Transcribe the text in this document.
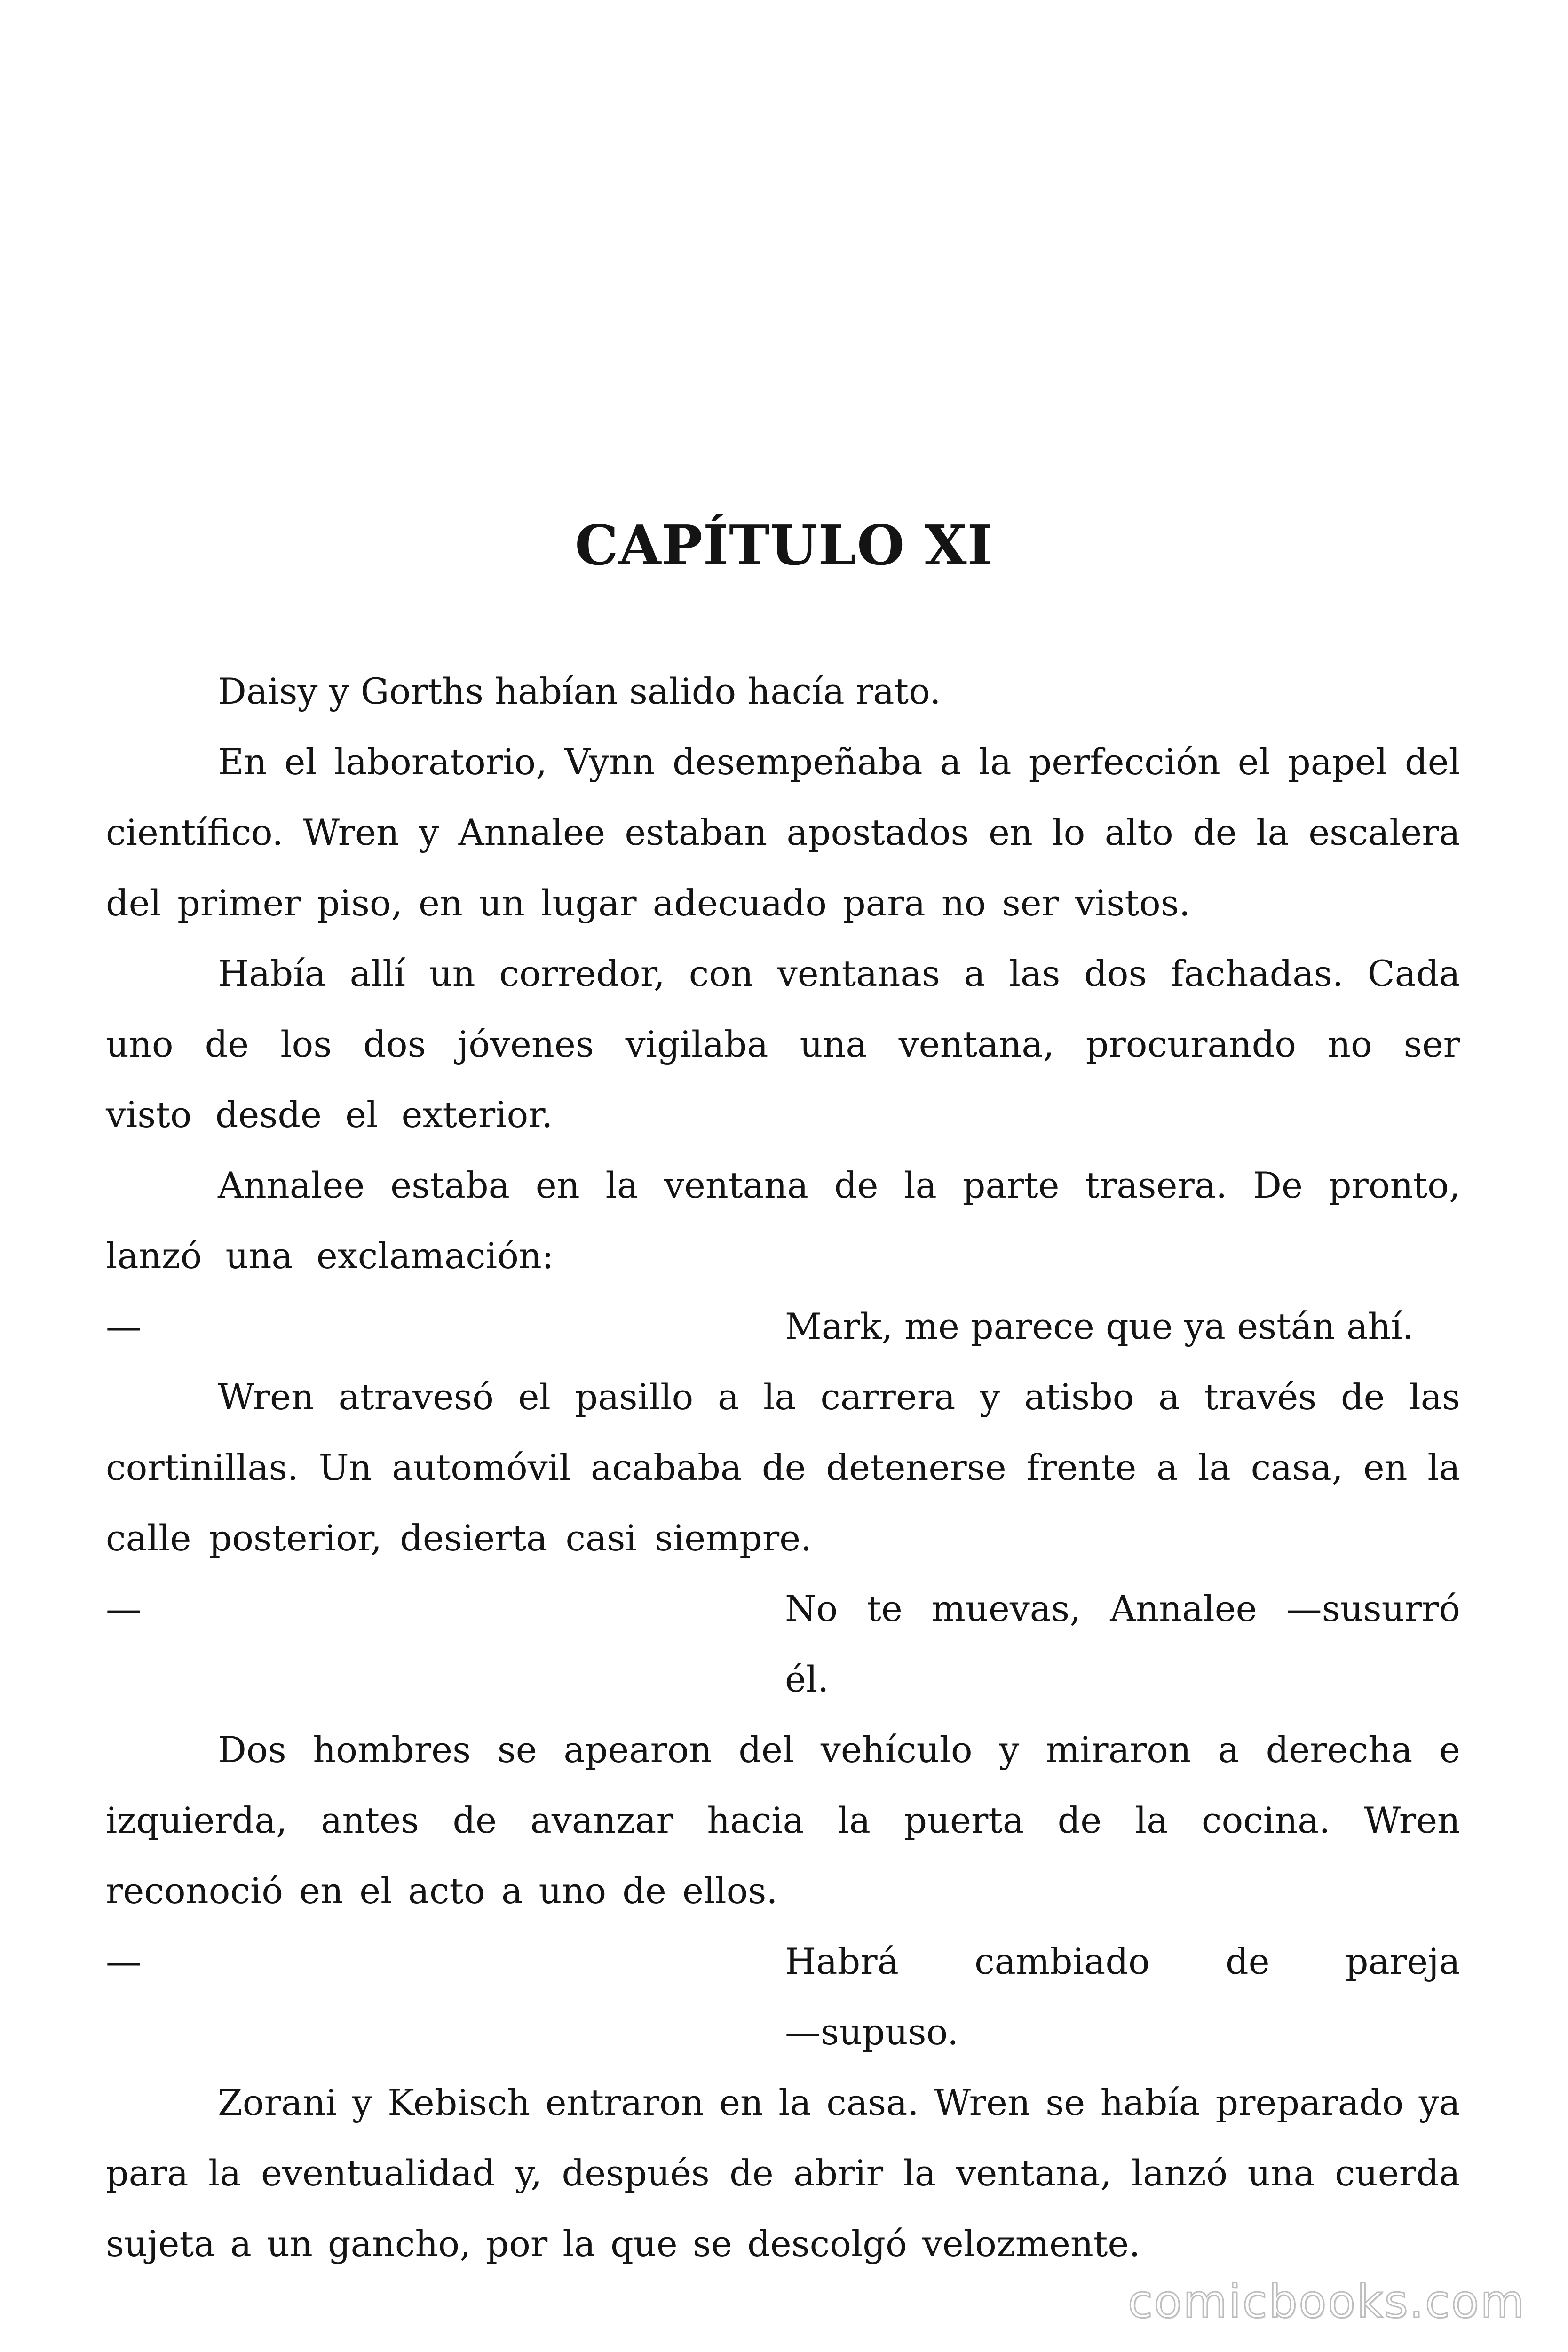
CAPÍTULO XI

Daisy y Gorths habían salido hacía rato.

En el laboratorio, Vynn desempeñaba a la perfección el papel del científico. Wren y Annalee estaban apostados en lo alto de la escalera del primer piso, en un lugar adecuado para no ser vistos.

Había allí un corredor, con ventanas a las dos fachadas. Cada uno de los dos jóvenes vigilaba una ventana, procurando no ser visto desde el exterior.

Annalee estaba en la ventana de la parte trasera. De pronto, lanzó una exclamación:

—	Mark, me parece que ya están ahí.

Wren atravesó el pasillo a la carrera y atisbo a través de las cortinillas. Un automóvil acababa de detenerse frente a la casa, en la calle posterior, desierta casi siempre.

—	No te muevas, Annalee —susurró él.

Dos hombres se apearon del vehículo y miraron a derecha e izquierda, antes de avanzar hacia la puerta de la cocina. Wren reconoció en el acto a uno de ellos.

—	Habrá cambiado de pareja —supuso.

Zorani y Kebisch entraron en la casa. Wren se había preparado ya para la eventualidad y, después de abrir la ventana, lanzó una cuerda sujeta a un gancho, por la que se descolgó velozmente.

comicbooks.com
